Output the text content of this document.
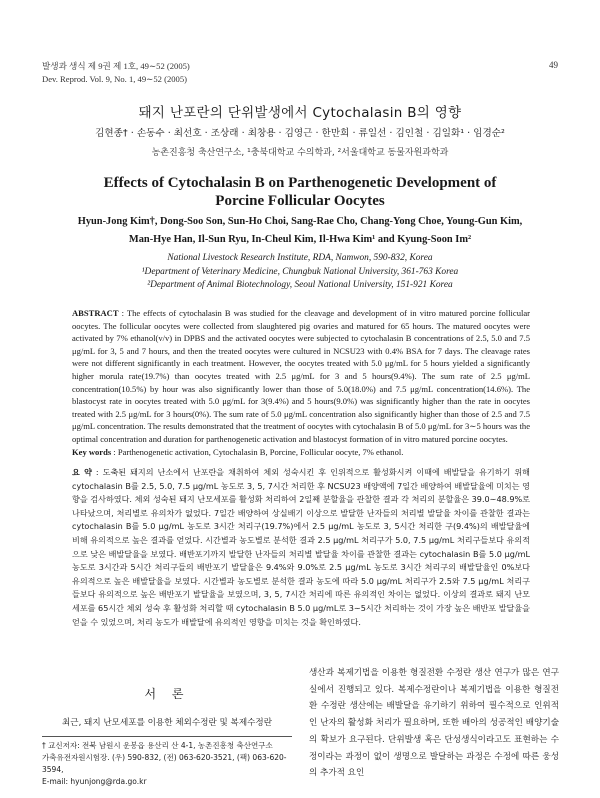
발생과 생식 제 9권 제 1호, 49∼52 (2005)
Dev. Reprod. Vol. 9, No. 1, 49∼52 (2005)
49
돼지 난포란의 단위발생에서 Cytochalasin B의 영향
김현종† · 손동수 · 최선호 · 조상래 · 최창용 · 김영근 · 한만희 · 류일선 · 김인철 · 김일화¹ · 임경순²
농촌진흥청 축산연구소, ¹충북대학교 수의학과, ²서울대학교 동물자원과학과
Effects of Cytochalasin B on Parthenogenetic Development of
Porcine Follicular Oocytes
Hyun-Jong Kim†, Dong-Soo Son, Sun-Ho Choi, Sang-Rae Cho, Chang-Yong Choe, Young-Gun Kim,
Man-Hye Han, Il-Sun Ryu, In-Cheul Kim, Il-Hwa Kim¹ and Kyung-Soon Im²
National Livestock Research Institute, RDA, Namwon, 590-832, Korea
¹Department of Veterinary Medicine, Chungbuk National University, 361-763 Korea
²Department of Animal Biotechnology, Seoul National University, 151-921 Korea
ABSTRACT : The effects of cytochalasin B was studied for the cleavage and development of in vitro matured porcine follicular oocytes. The follicular oocytes were collected from slaughtered pig ovaries and matured for 65 hours. The matured oocytes were activated by 7% ethanol(v/v) in DPBS and the activated oocytes were subjected to cytochalasin B concentrations of 2.5, 5.0 and 7.5 μg/mL for 3, 5 and 7 hours, and then the treated oocytes were cultured in NCSU23 with 0.4% BSA for 7 days. The cleavage rates were not different significantly in each treatment. However, the oocytes treated with 5.0 μg/mL for 5 hours yielded a significantly higher morula rate(19.7%) than oocytes treated with 2.5 μg/mL for 3 and 5 hours(9.4%). The sum rate of 2.5 μg/mL concentration(10.5%) by hour was also significantly lower than those of 5.0(18.0%) and 7.5 μg/mL concentration(14.6%). The blastocyst rate in oocytes treated with 5.0 μg/mL for 3(9.4%) and 5 hours(9.0%) was significantly higher than the rate in oocytes treated with 2.5 μg/mL for 3 hours(0%). The sum rate of 5.0 μg/mL concentration also significantly higher than those of 2.5 and 7.5 μg/mL concentration. The results demonstrated that the treatment of oocytes with cytochalasin B of 5.0 μg/mL for 3∼5 hours was the optimal concentration and duration for parthenogenetic activation and blastocyst formation of in vitro matured porcine oocytes.
Key words : Parthenogenetic activation, Cytochalasin B, Porcine, Follicular oocyte, 7% ethanol.
요 약 : 도축된 돼지의 난소에서 난포란을 채취하여 체외 성숙시킨 후 인위적으로 활성화시켜 이때에 배발달을 유기하기 위해 cytochalasin B를 2.5, 5.0, 7.5 μg/mL 농도로 3, 5, 7시간 처리한 후 NCSU23 배양액에 7일간 배양하여 배발달율에 미치는 영향을 검사하였다. 체외 성숙된 돼지 난모세포를 활성화 처리하여 2일째 분할율을 관찰한 결과 각 처리의 분할율은 39.0∼48.9%로 나타났으며, 처리별로 유의차가 없었다. 7일간 배양하여 상실배기 이상으로 발달한 난자들의 처리별 발달율 차이를 관찰한 결과는 cytochalasin B를 5.0 μg/mL 농도로 3시간 처리구(19.7%)에서 2.5 μg/mL 농도로 3, 5시간 처리한 구(9.4%)의 배발달율에 비해 유의적으로 높은 결과를 얻었다. 시간별과 농도별로 분석한 결과 2.5 μg/mL 처리구가 5.0, 7.5 μg/mL 처리구들보다 유의적으로 낮은 배발달율을 보였다. 배반포기까지 발달한 난자들의 처리별 발달율 차이를 관찰한 결과는 cytochalasin B를 5.0 μg/mL 농도로 3시간과 5시간 처리구들의 배반포기 발달율은 9.4%와 9.0%로 2.5 μg/mL 농도로 3시간 처리구의 배발달율인 0%보다 유의적으로 높은 배발달율을 보였다. 시간별과 농도별로 분석한 결과 농도에 따라 5.0 μg/mL 처리구가 2.5와 7.5 μg/mL 처리구들보다 유의적으로 높은 배반포기 발달율을 보였으며, 3, 5, 7시간 처리에 따른 유의적인 차이는 없었다. 이상의 결과로 돼지 난모세포를 65시간 체외 성숙 후 활성화 처리할 때 cytochalasin B 5.0 μg/mL로 3∼5시간 처리하는 것이 가장 높은 배반포 발달율을 얻을 수 있었으며, 처리 농도가 배발달에 유의적인 영향을 미치는 것을 확인하였다.
서 론
최근, 돼지 난모세포를 이용한 체외수정란 및 복제수정란
† 교신저자: 전북 남원시 운봉읍 용산리 산 4-1, 농촌진흥청 축산연구소
가축유전자원시험장. (우) 590-832, (전) 063-620-3521, (팩) 063-620-3594,
E-mail: hyunjong@rda.go.kr
생산과 복제기법을 이용한 형질전환 수정란 생산 연구가 많은 연구실에서 진행되고 있다. 복제수정란이나 복제기법을 이용한 형질전환 수정란 생산에는 배발달을 유기하기 위하여 필수적으로 인위적인 난자의 활성화 처리가 필요하며, 또한 배아의 성공적인 배양기술의 확보가 요구된다. 단위발생 혹은 단성생식이라고도 표현하는 수정이라는 과정이 없이 생명으로 발달하는 과정은 수정에 따른 웅성의 추가적 요인
